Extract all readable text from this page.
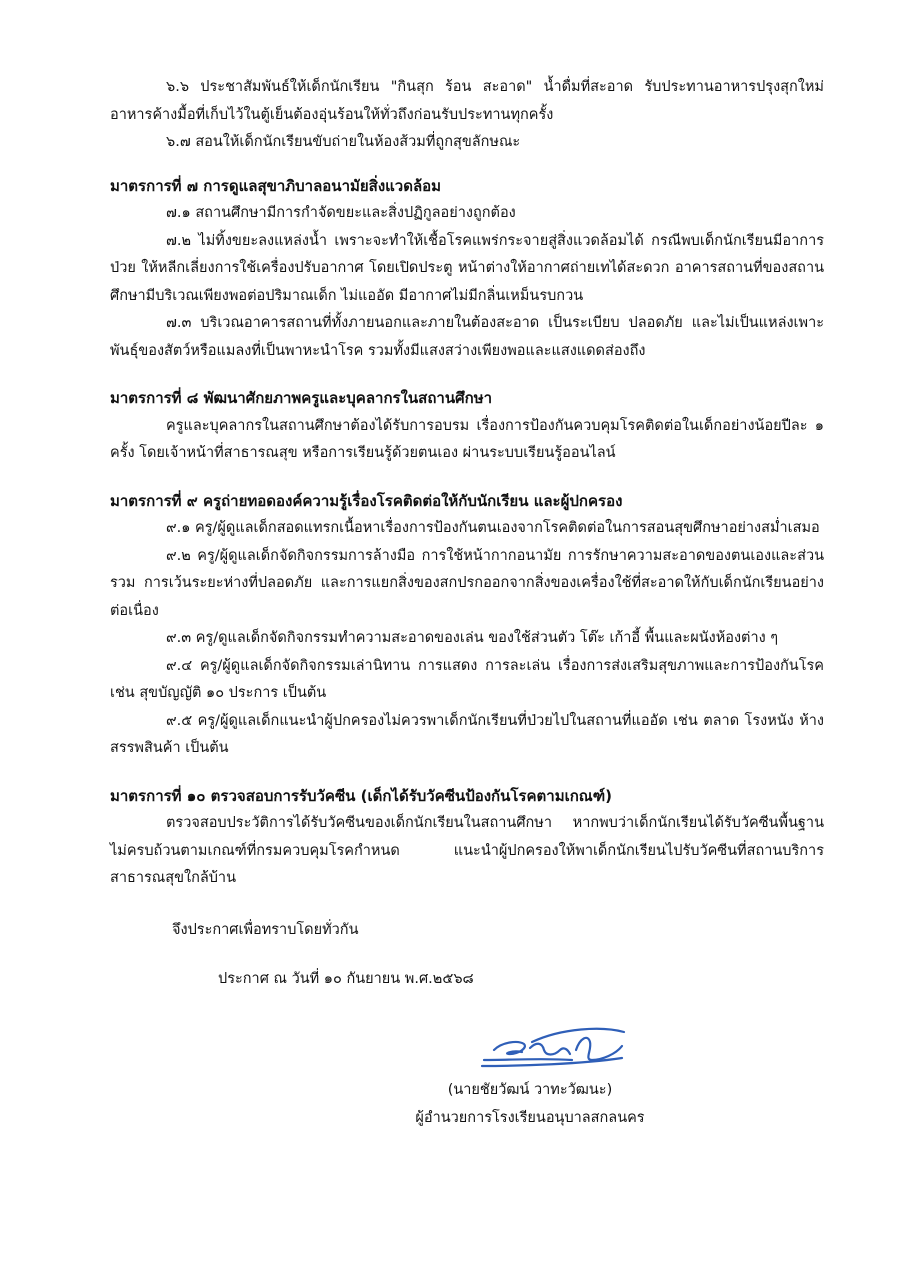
๖.๖ ประชาสัมพันธ์ให้เด็กนักเรียน "กินสุก ร้อน สะอาด" น้ำดื่มที่สะอาด รับประทานอาหารปรุงสุกใหม่ อาหารค้างมื้อที่เก็บไว้ในตู้เย็นต้องอุ่นร้อนให้ทั่วถึงก่อนรับประทานทุกครั้ง

๖.๗ สอนให้เด็กนักเรียนขับถ่ายในห้องส้วมที่ถูกสุขลักษณะ

มาตรการที่ ๗ การดูแลสุขาภิบาลอนามัยสิ่งแวดล้อม

๗.๑ สถานศึกษามีการกำจัดขยะและสิ่งปฏิกูลอย่างถูกต้อง

๗.๒ ไม่ทิ้งขยะลงแหล่งน้ำ เพราะจะทำให้เชื้อโรคแพร่กระจายสู่สิ่งแวดล้อมได้ กรณีพบเด็กนักเรียนมีอาการป่วย ให้หลีกเลี่ยงการใช้เครื่องปรับอากาศ โดยเปิดประตู หน้าต่างให้อากาศถ่ายเทได้สะดวก อาคารสถานที่ของสถานศึกษามีบริเวณเพียงพอต่อปริมาณเด็ก ไม่แออัด มีอากาศไม่มีกลิ่นเหม็นรบกวน

๗.๓ บริเวณอาคารสถานที่ทั้งภายนอกและภายในต้องสะอาด เป็นระเบียบ ปลอดภัย และไม่เป็นแหล่งเพาะพันธุ์ของสัตว์หรือแมลงที่เป็นพาหะนำโรค รวมทั้งมีแสงสว่างเพียงพอและแสงแดดส่องถึง

มาตรการที่ ๘ พัฒนาศักยภาพครูและบุคลากรในสถานศึกษา

ครูและบุคลากรในสถานศึกษาต้องได้รับการอบรม เรื่องการป้องกันควบคุมโรคติดต่อในเด็กอย่างน้อยปีละ ๑ ครั้ง โดยเจ้าหน้าที่สาธารณสุข หรือการเรียนรู้ด้วยตนเอง ผ่านระบบเรียนรู้ออนไลน์

มาตรการที่ ๙ ครูถ่ายทอดองค์ความรู้เรื่องโรคติดต่อให้กับนักเรียน และผู้ปกครอง

๙.๑ ครู/ผู้ดูแลเด็กสอดแทรกเนื้อหาเรื่องการป้องกันตนเองจากโรคติดต่อในการสอนสุขศึกษาอย่างสม่ำเสมอ

๙.๒ ครู/ผู้ดูแลเด็กจัดกิจกรรมการล้างมือ การใช้หน้ากากอนามัย การรักษาความสะอาดของตนเองและส่วนรวม การเว้นระยะห่างที่ปลอดภัย และการแยกสิ่งของสกปรกออกจากสิ่งของเครื่องใช้ที่สะอาดให้กับเด็กนักเรียนอย่างต่อเนื่อง

๙.๓ ครู/ดูแลเด็กจัดกิจกรรมทำความสะอาดของเล่น ของใช้ส่วนตัว โต๊ะ เก้าอี้ พื้นและผนังห้องต่าง ๆ

๙.๔ ครู/ผู้ดูแลเด็กจัดกิจกรรมเล่านิทาน การแสดง การละเล่น เรื่องการส่งเสริมสุขภาพและการป้องกันโรค เช่น สุขบัญญัติ ๑๐ ประการ เป็นต้น

๙.๕ ครู/ผู้ดูแลเด็กแนะนำผู้ปกครองไม่ควรพาเด็กนักเรียนที่ป่วยไปในสถานที่แออัด เช่น ตลาด โรงหนัง ห้างสรรพสินค้า เป็นต้น

มาตรการที่ ๑๐ ตรวจสอบการรับวัคซีน (เด็กได้รับวัคซีนป้องกันโรคตามเกณฑ์)

ตรวจสอบประวัติการได้รับวัคซีนของเด็กนักเรียนในสถานศึกษา หากพบว่าเด็กนักเรียนได้รับวัคซีนพื้นฐานไม่ครบถ้วนตามเกณฑ์ที่กรมควบคุมโรคกำหนด แนะนำผู้ปกครองให้พาเด็กนักเรียนไปรับวัคซีนที่สถานบริการสาธารณสุขใกล้บ้าน

จึงประกาศเพื่อทราบโดยทั่วกัน

ประกาศ ณ วันที่ ๑๐ กันยายน พ.ศ.๒๕๖๘

(นายชัยวัฒน์ วาทะวัฒนะ)
ผู้อำนวยการโรงเรียนอนุบาลสกลนคร
